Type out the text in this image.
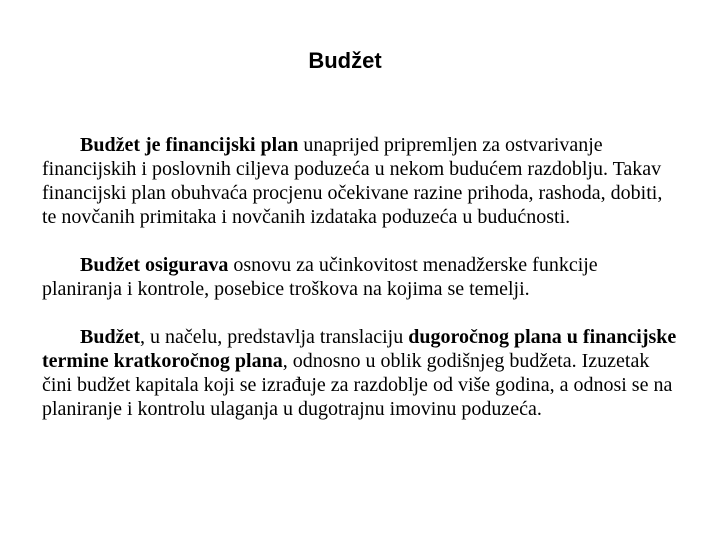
Budžet

Budžet je financijski plan unaprijed pripremljen za ostvarivanje financijskih i poslovnih ciljeva poduzeća u nekom budućem razdoblju. Takav financijski plan obuhvaća procjenu očekivane razine prihoda, rashoda, dobiti, te novčanih primitaka i novčanih izdataka poduzeća u budućnosti.

Budžet osigurava osnovu za učinkovitost menadžerske funkcije planiranja i kontrole, posebice troškova na kojima se temelji.

Budžet, u načelu, predstavlja translaciju dugoročnog plana u financijske termine kratkoročnog plana, odnosno u oblik godišnjeg budžeta. Izuzetak čini budžet kapitala koji se izrađuje za razdoblje od više godina, a odnosi se na planiranje i kontrolu ulaganja u dugotrajnu imovinu poduzeća.
